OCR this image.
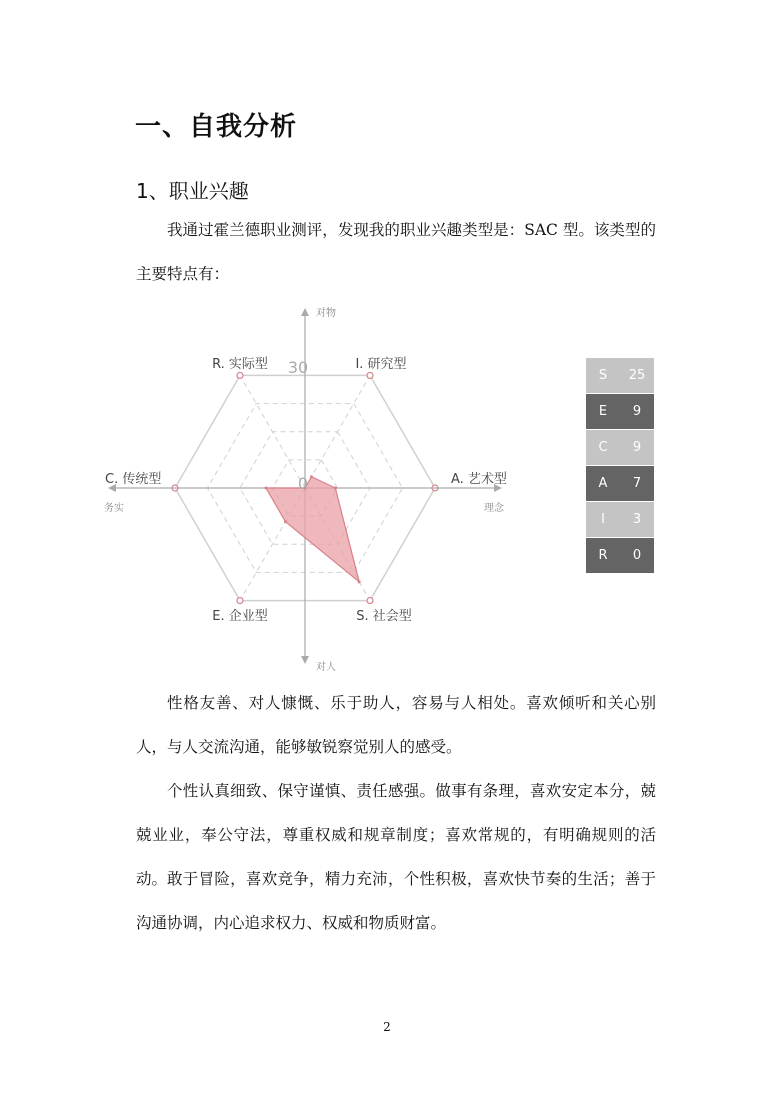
一、自我分析
1、职业兴趣

我通过霍兰德职业测评，发现我的职业兴趣类型是：SAC 型。该类型的主要特点有：

I. 研究型
A. 艺术型
S. 社会型
E. 企业型
C. 传统型
R. 实际型 30
0
对物
对人
务实	理念
S	25
E	9
C	9
A	7
I	3
R	0

性格友善、对人慷慨、乐于助人，容易与人相处。喜欢倾听和关心别人，与人交流沟通，能够敏锐察觉别人的感受。

个性认真细致、保守谨慎、责任感强。做事有条理，喜欢安定本分，兢兢业业，奉公守法，尊重权威和规章制度；喜欢常规的，有明确规则的活动。 敢于冒险，喜欢竞争，精力充沛，个性积极，喜欢快节奏的生活；善于沟通协调，内心追求权力、权威和物质财富。

2
